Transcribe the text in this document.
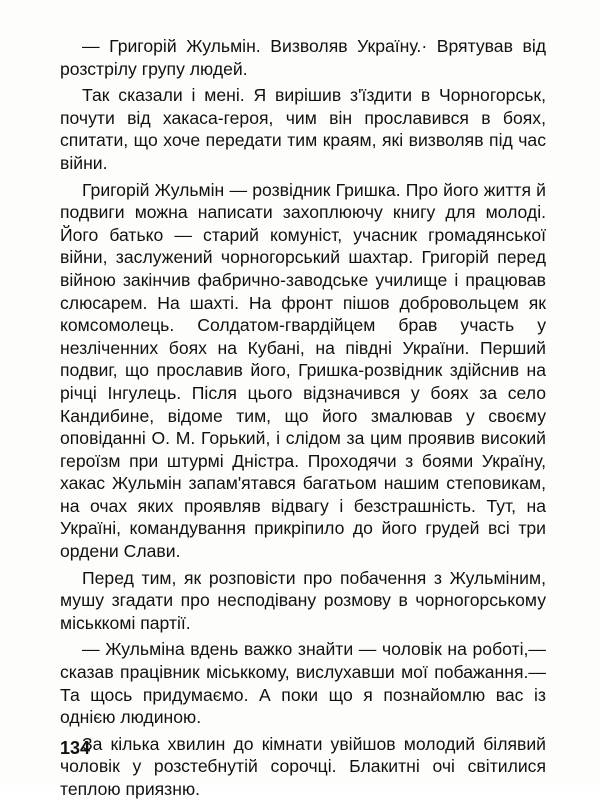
— Григорій Жульмін. Визволяв Україну.· Врятував від розстрілу групу людей.

Так сказали і мені. Я вирішив з'їздити в Чорногорськ, почути від хакаса-героя, чим він прославився в боях, спитати, що хоче передати тим краям, які визволяв під час війни.

Григорій Жульмін — розвідник Гришка. Про його життя й подвиги можна написати захоплюючу книгу для молоді. Його батько — старий комуніст, учасник громадянської війни, заслужений чорногорський шахтар. Григорій перед війною закінчив фабрично-заводське училище і працював слюсарем. На шахті. На фронт пішов добровольцем як комсомолець. Солдатом-гвардійцем брав участь у незліченних боях на Кубані, на півдні України. Перший подвиг, що прославив його, Гришка-розвідник здійснив на річці Інгулець. Після цього відзначився у боях за село Кандибине, відоме тим, що його змалював у своєму оповіданні О. М. Горький, і слідом за цим проявив високий героїзм при штурмі Дністра. Проходячи з боями Україну, хакас Жульмін запам'ятався багатьом нашим степовикам, на очах яких проявляв відвагу і безстрашність. Тут, на Україні, командування прикріпило до його грудей всі три ордени Слави.

Перед тим, як розповісти про побачення з Жульміним, мушу згадати про несподівану розмову в чорногорському міськкомі партії.

— Жульміна вдень важко знайти — чоловік на роботі,— сказав працівник міськкому, вислухавши мої побажання.— Та щось придумаємо. А поки що я познайомлю вас із однією людиною.

За кілька хвилин до кімнати увійшов молодий білявий чоловік у розстебнутій сорочці. Блакитні очі світилися теплою приязню.

134
